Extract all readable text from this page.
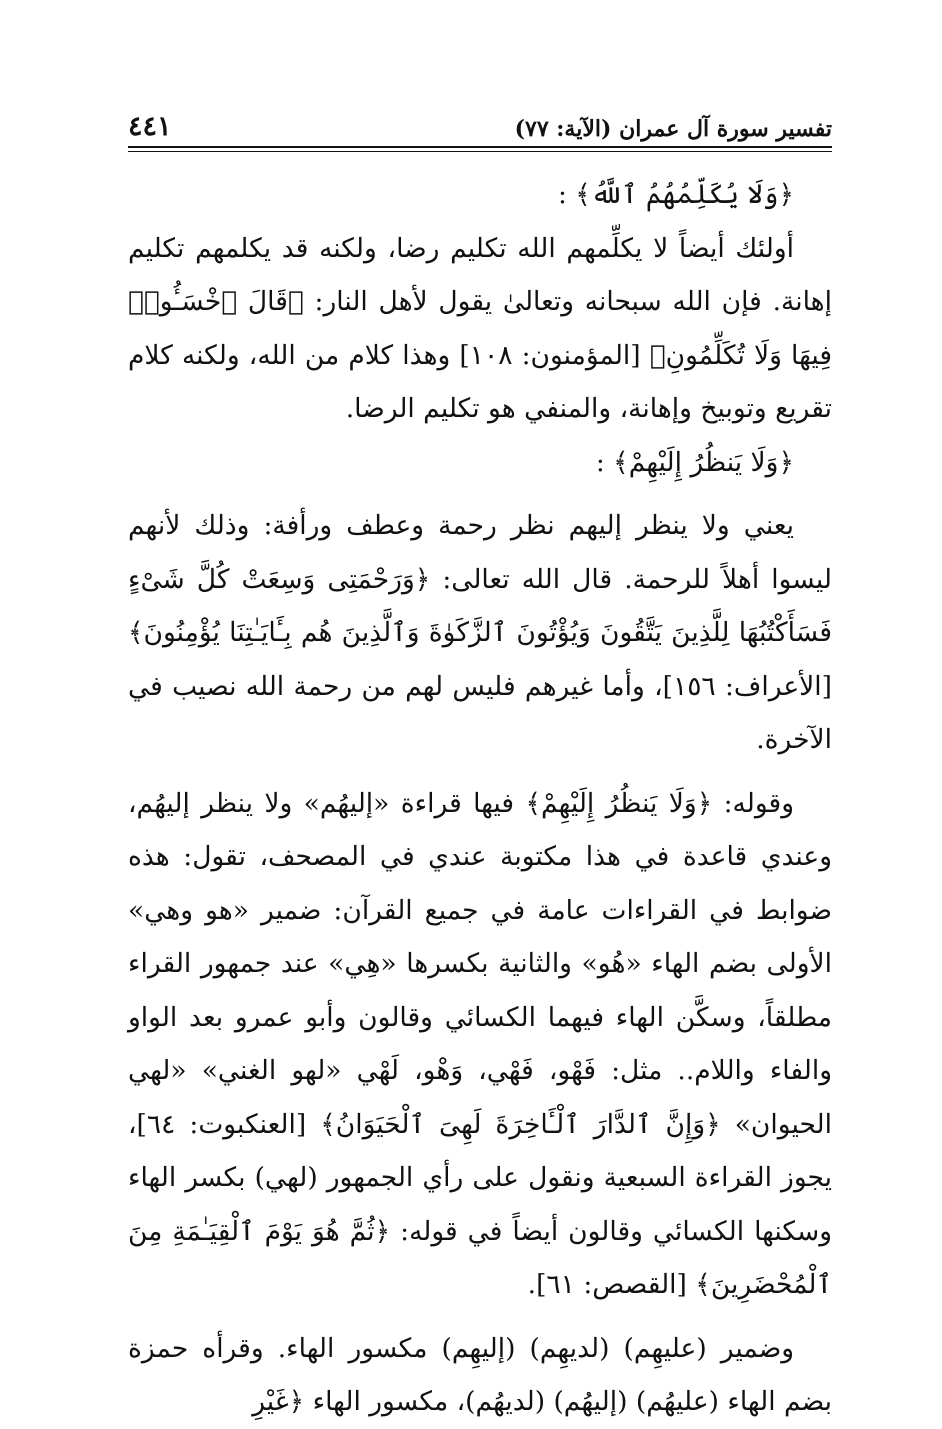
تفسير سورة آل عمران (الآية: ٧٧)
٤٤١

﴿وَلَا يُكَلِّمُهُمُ ٱللَّهُ﴾ :

أولئك أيضاً لا يكلِّمهم الله تكليم رضا، ولكنه قد يكلمهم تكليم إهانة. فإن الله سبحانه وتعالىٰ يقول لأهل النار: ﴿قَالَ ٱخْسَـُٔوا۟ فِيهَا وَلَا تُكَلِّمُونِ﴾ [المؤمنون: ١٠٨] وهذا كلام من الله، ولكنه كلام تقريع وتوبيخ وإهانة، والمنفي هو تكليم الرضا.

﴿وَلَا يَنظُرُ إِلَيْهِمْ﴾ :

يعني ولا ينظر إليهم نظر رحمة وعطف ورأفة: وذلك لأنهم ليسوا أهلاً للرحمة. قال الله تعالى: ﴿وَرَحْمَتِى وَسِعَتْ كُلَّ شَىْءٍ فَسَأَكْتُبُهَا لِلَّذِينَ يَتَّقُونَ وَيُؤْتُونَ ٱلزَّكَوٰةَ وَٱلَّذِينَ هُم بِـَٔايَـٰتِنَا يُؤْمِنُونَ﴾ [الأعراف: ١٥٦]، وأما غيرهم فليس لهم من رحمة الله نصيب في الآخرة.

وقوله: ﴿وَلَا يَنظُرُ إِلَيْهِمْ﴾ فيها قراءة «إليهُم» ولا ينظر إليهُم، وعندي قاعدة في هذا مكتوبة عندي في المصحف، تقول: هذه ضوابط في القراءات عامة في جميع القرآن: ضمير «هو وهي» الأولى بضم الهاء «هُو» والثانية بكسرها «هِي» عند جمهور القراء مطلقاً، وسكَّن الهاء فيهما الكسائي وقالون وأبو عمرو بعد الواو والفاء واللام.. مثل: فَهْو، فَهْي، وَهْو، لَهْي «لهو الغني» «لهي الحيوان» ﴿وَإِنَّ ٱلدَّارَ ٱلْـَٔاخِرَةَ لَهِىَ ٱلْحَيَوَانُ﴾ [العنكبوت: ٦٤]، يجوز القراءة السبعية ونقول على رأي الجمهور (لهي) بكسر الهاء وسكنها الكسائي وقالون أيضاً في قوله: ﴿ثُمَّ هُوَ يَوْمَ ٱلْقِيَـٰمَةِ مِنَ ٱلْمُحْضَرِينَ﴾ [القصص: ٦١].

وضمير (عليهِم) (لديهِم) (إليهِم) مكسور الهاء. وقرأه حمزة بضم الهاء (عليهُم) (إليهُم) (لديهُم)، مكسور الهاء ﴿غَيْرِ
